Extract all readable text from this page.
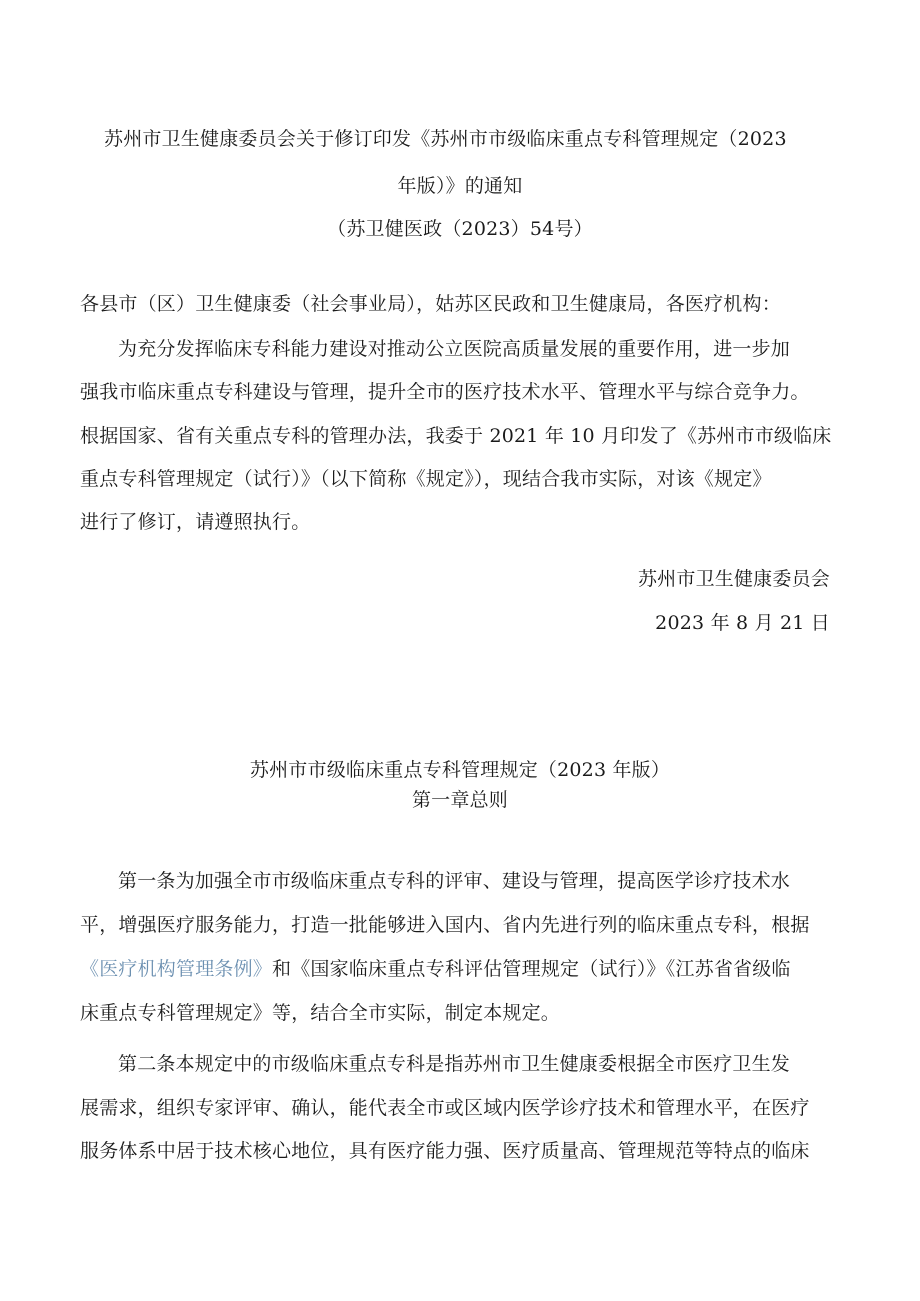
苏州市卫生健康委员会关于修订印发《苏州市市级临床重点专科管理规定（2023
年版）》的通知
（苏卫健医政（2023）54号）
各县市（区）卫生健康委（社会事业局），姑苏区民政和卫生健康局，各医疗机构：
为充分发挥临床专科能力建设对推动公立医院高质量发展的重要作用，进一步加
强我市临床重点专科建设与管理，提升全市的医疗技术水平、管理水平与综合竞争力。
根据国家、省有关重点专科的管理办法，我委于 2021 年 10 月印发了《苏州市市级临床
重点专科管理规定（试行）》（以下简称《规定》），现结合我市实际，对该《规定》
进行了修订，请遵照执行。
苏州市卫生健康委员会
2023 年 8 月 21 日
苏州市市级临床重点专科管理规定（2023 年版）
第一章总则
第一条为加强全市市级临床重点专科的评审、建设与管理，提高医学诊疗技术水
平，增强医疗服务能力，打造一批能够进入国内、省内先进行列的临床重点专科，根据
《医疗机构管理条例》和《国家临床重点专科评估管理规定（试行）》《江苏省省级临
床重点专科管理规定》等，结合全市实际，制定本规定。
第二条本规定中的市级临床重点专科是指苏州市卫生健康委根据全市医疗卫生发
展需求，组织专家评审、确认，能代表全市或区域内医学诊疗技术和管理水平，在医疗
服务体系中居于技术核心地位，具有医疗能力强、医疗质量高、管理规范等特点的临床
